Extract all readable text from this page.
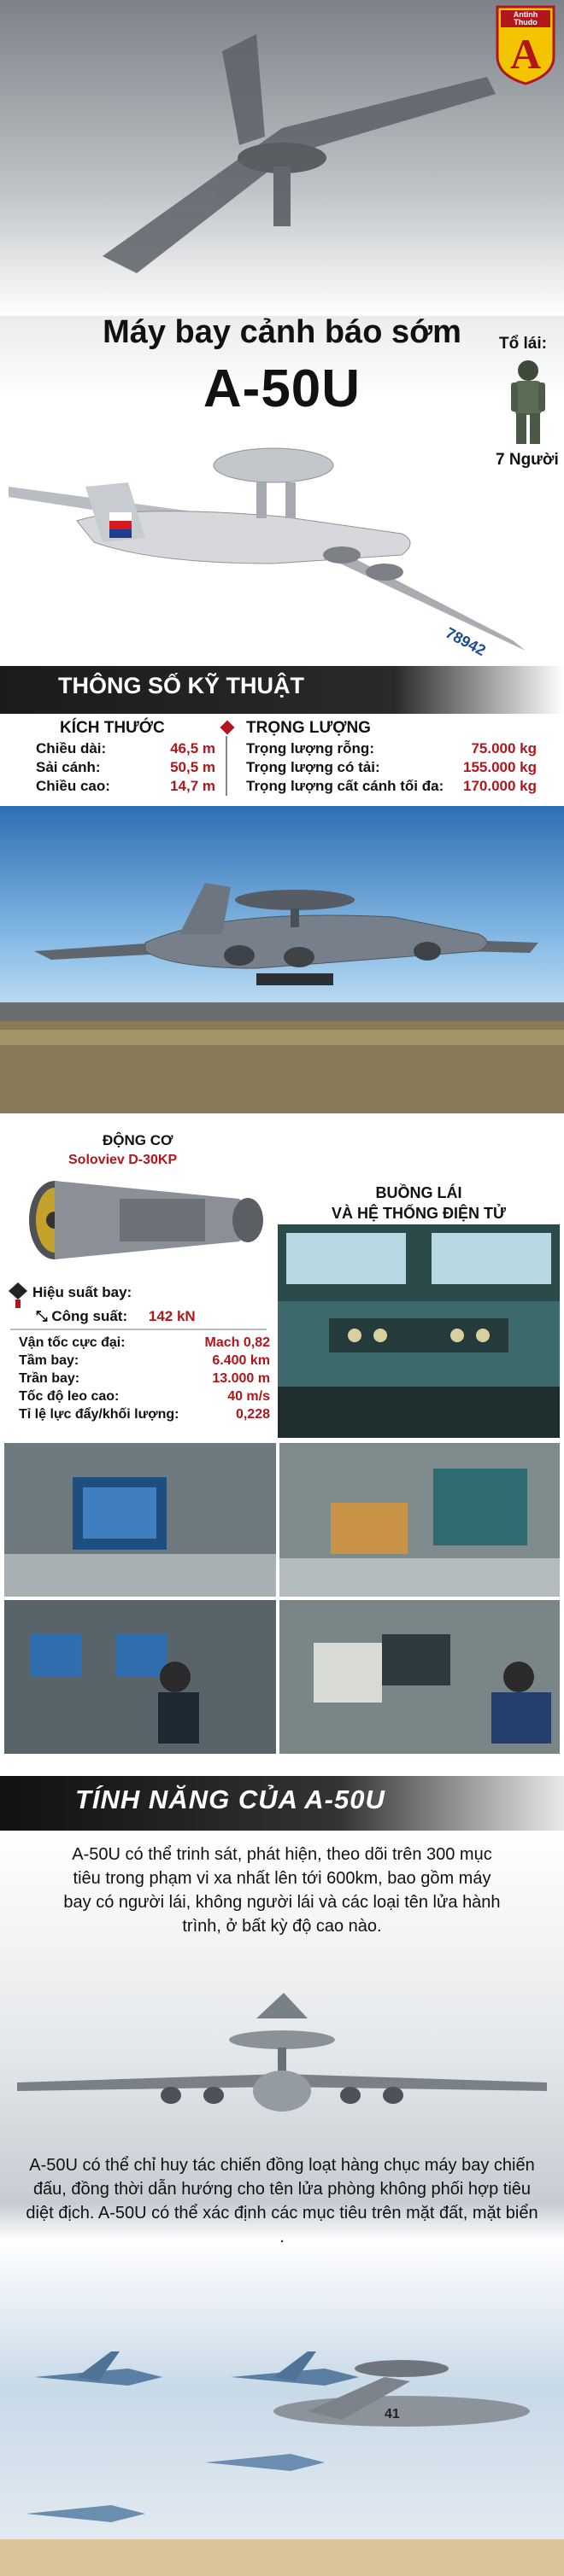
A
Antinh Thudo
Máy bay cảnh báo sớm
A-50U
Tổ lái:
7 Người
78942
THÔNG SỐ KỸ THUẬT
KÍCH THƯỚC	TRỌNG LƯỢNG
Chiều dài:	46,5 m
Sải cánh:	50,5 m
Chiều cao:	14,7 m
Trọng lượng rỗng:	75.000 kg
Trọng lượng có tải:	155.000 kg
Trọng lượng cất cánh tối đa: 170.000 kg
ĐỘNG CƠ
Soloviev D-30KP
Hiệu suất bay:
⤡ Công suất: 142 kN
Vận tốc cực đại:	Mach 0,82
Tầm bay:	6.400 km
Trần bay:	13.000 m
Tốc độ leo cao:	40 m/s
Tỉ lệ lực đẩy/khối lượng:	0,228
BUỒNG LÁI
VÀ HỆ THỐNG ĐIỆN TỬ
TÍNH NĂNG CỦA A-50U
41
A-50U có thể trinh sát, phát hiện, theo dõi trên 300 mục tiêu trong phạm vi xa nhất lên tới 600km, bao gồm máy bay có người lái, không người lái và các loại tên lửa hành trình, ở bất kỳ độ cao nào.
A-50U có thể chỉ huy tác chiến đồng loạt hàng chục máy bay chiến đấu, đồng thời dẫn hướng cho tên lửa phòng không phối hợp tiêu diệt địch. A-50U có thể xác định các mục tiêu trên mặt đất, mặt biển .
